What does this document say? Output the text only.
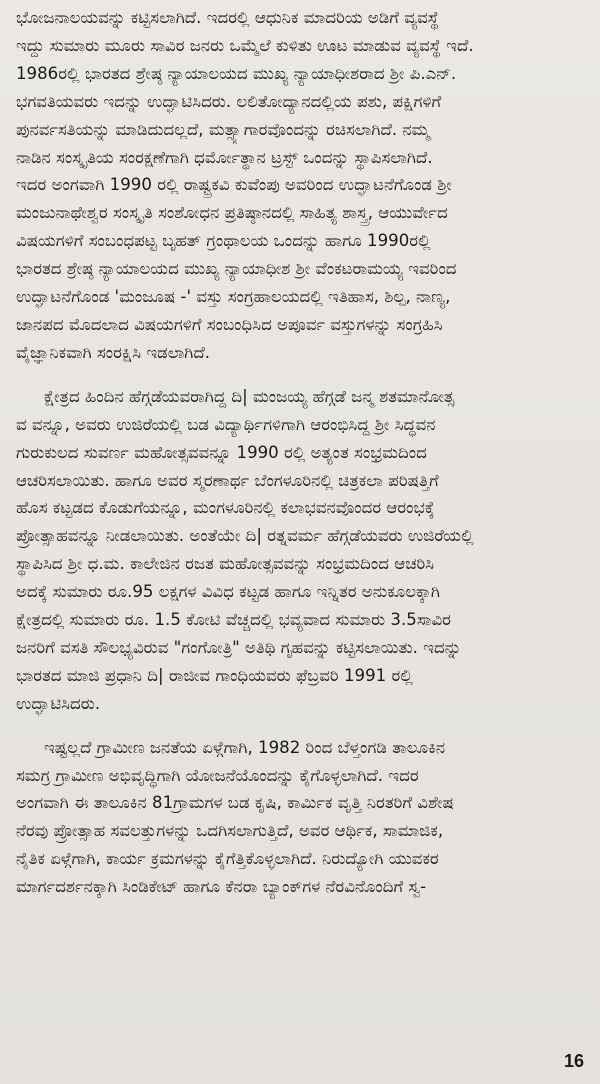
ಭೋಜನಾಲಯವನ್ನು ಕಟ್ಟಿಸಲಾಗಿದೆ. ಇದರಲ್ಲಿ ಆಧುನಿಕ ಮಾದರಿಯ ಅಡಿಗೆ ವ್ಯವಸ್ಥೆ
ಇದ್ದು ಸುಮಾರು ಮೂರು ಸಾವಿರ ಜನರು ಒಮ್ಮೆಲೆ ಕುಳಿತು ಊಟ ಮಾಡುವ ವ್ಯವಸ್ಥೆ ಇದೆ.
1986ರಲ್ಲಿ ಭಾರತದ ಶ್ರೇಷ್ಠ ನ್ಯಾಯಾಲಯದ ಮುಖ್ಯ ನ್ಯಾಯಾಧೀಶರಾದ ಶ್ರೀ ಪಿ.ಎನ್.
ಭಗವತಿಯವರು ಇದನ್ನು ಉದ್ಘಾಟಿಸಿದರು. ಲಲಿತೋದ್ಯಾನದಲ್ಲಿಯ ಪಶು, ಪಕ್ಷಿಗಳಿಗೆ
ಪುನರ್ವಸತಿಯನ್ನು ಮಾಡಿದುದಲ್ಲದೆ, ಮತ್ಸ್ಯಾಗಾರವೊಂದನ್ನು ರಚಿಸಲಾಗಿದೆ. ನಮ್ಮ
ನಾಡಿನ ಸಂಸ್ಕೃತಿಯ ಸಂರಕ್ಷಣೆಗಾಗಿ ಧರ್ಮೋತ್ಥಾನ ಟ್ರಸ್ಟ್ ಒಂದನ್ನು ಸ್ಥಾಪಿಸಲಾಗಿದೆ.
ಇದರ ಅಂಗವಾಗಿ 1990 ರಲ್ಲಿ ರಾಷ್ಟ್ರಕವಿ ಕುವೆಂಪು ಅವರಿಂದ ಉದ್ಘಾಟನೆಗೊಂಡ ಶ್ರೀ
ಮಂಜುನಾಥೇಶ್ವರ ಸಂಸ್ಕೃತಿ ಸಂಶೋಧನ ಪ್ರತಿಷ್ಠಾನದಲ್ಲಿ ಸಾಹಿತ್ಯ ಶಾಸ್ತ್ರ, ಆಯುರ್ವೇದ
ವಿಷಯಗಳಿಗೆ ಸಂಬಂಧಪಟ್ಟ ಬೃಹತ್ ಗ್ರಂಥಾಲಯ ಒಂದನ್ನು ಹಾಗೂ 1990ರಲ್ಲಿ
ಭಾರತದ ಶ್ರೇಷ್ಠ ನ್ಯಾಯಾಲಯದ ಮುಖ್ಯ ನ್ಯಾಯಾಧೀಶ ಶ್ರೀ ವೆಂಕಟರಾಮಯ್ಯ ಇವರಿಂದ
ಉದ್ಘಾಟನೆಗೊಂಡ 'ಮಂಜೂಷ -' ವಸ್ತು ಸಂಗ್ರಹಾಲಯದಲ್ಲಿ ಇತಿಹಾಸ, ಶಿಲ್ಪ, ನಾಣ್ಯ,
ಜಾನಪದ ಮೊದಲಾದ ವಿಷಯಗಳಿಗೆ ಸಂಬಂಧಿಸಿದ ಅಪೂರ್ವ ವಸ್ತುಗಳನ್ನು ಸಂಗ್ರಹಿಸಿ
ವೈಜ್ಞಾನಿಕವಾಗಿ ಸಂರಕ್ಷಿಸಿ ಇಡಲಾಗಿದೆ.
ಕ್ಷೇತ್ರದ ಹಿಂದಿನ ಹೆಗ್ಗಡೆಯವರಾಗಿದ್ದ ದಿ| ಮಂಜಯ್ಯ ಹೆಗ್ಗಡೆ ಜನ್ಮ ಶತಮಾನೋತ್ಸ
ವ ವನ್ನೂ, ಅವರು ಉಜಿರೆಯಲ್ಲಿ ಬಡ ವಿದ್ಯಾರ್ಥಿಗಳಿಗಾಗಿ ಆರಂಭಿಸಿದ್ದ ಶ್ರೀ ಸಿದ್ಧವನ
ಗುರುಕುಲದ ಸುವರ್ಣ ಮಹೋತ್ಸವವನ್ನೂ 1990 ರಲ್ಲಿ ಅತ್ಯಂತ ಸಂಭ್ರಮದಿಂದ
ಆಚರಿಸಲಾಯಿತು. ಹಾಗೂ ಅವರ ಸ್ಮರಣಾರ್ಥ ಬೆಂಗಳೂರಿನಲ್ಲಿ ಚಿತ್ರಕಲಾ ಪರಿಷತ್ತಿಗೆ
ಹೊಸ ಕಟ್ಟಡದ ಕೊಡುಗೆಯನ್ನೂ, ಮಂಗಳೂರಿನಲ್ಲಿ ಕಲಾಭವನವೊಂದರ ಆರಂಭಕ್ಕೆ
ಪ್ರೋತ್ಸಾಹವನ್ನೂ ನೀಡಲಾಯಿತು. ಅಂತೆಯೇ ದಿ| ರತ್ನವರ್ಮ ಹೆಗ್ಗಡೆಯವರು ಉಜಿರೆಯಲ್ಲಿ
ಸ್ಥಾಪಿಸಿದ ಶ್ರೀ ಧ.ಮ. ಕಾಲೇಜಿನ ರಜತ ಮಹೋತ್ಸವವನ್ನು ಸಂಭ್ರಮದಿಂದ ಆಚರಿಸಿ
ಅದಕ್ಕೆ ಸುಮಾರು ರೂ.95 ಲಕ್ಷಗಳ ವಿವಿಧ ಕಟ್ಟಡ ಹಾಗೂ ಇನ್ನಿತರ ಅನುಕೂಲಕ್ಕಾಗಿ
ಕ್ಷೇತ್ರದಲ್ಲಿ ಸುಮಾರು ರೂ. 1.5 ಕೋಟಿ ವೆಚ್ಚದಲ್ಲಿ ಭವ್ಯವಾದ ಸುಮಾರು 3.5ಸಾವಿರ
ಜನರಿಗೆ ವಸತಿ ಸೌಲಭ್ಯವಿರುವ "ಗಂಗೋತ್ರಿ" ಅತಿಥಿ ಗೃಹವನ್ನು ಕಟ್ಟಿಸಲಾಯಿತು. ಇದನ್ನು
ಭಾರತದ ಮಾಜಿ ಪ್ರಧಾನಿ ದಿ| ರಾಜೀವ ಗಾಂಧಿಯವರು ಫೆಬ್ರವರಿ 1991 ರಲ್ಲಿ
ಉದ್ಘಾಟಿಸಿದರು.
ಇಷ್ಟಲ್ಲದೆ ಗ್ರಾಮೀಣ ಜನತೆಯ ಏಳ್ಗೆಗಾಗಿ, 1982 ರಿಂದ ಬೆಳ್ತಂಗಡಿ ತಾಲೂಕಿನ
ಸಮಗ್ರ ಗ್ರಾಮೀಣ ಅಭಿವೃದ್ಧಿಗಾಗಿ ಯೋಜನೆಯೊಂದನ್ನು ಕೈಗೊಳ್ಳಲಾಗಿದೆ. ಇದರ
ಅಂಗವಾಗಿ ಈ ತಾಲೂಕಿನ 81ಗ್ರಾಮಗಳ ಬಡ ಕೃಷಿ, ಕಾರ್ಮಿಕ ವೃತ್ತಿ ನಿರತರಿಗೆ ವಿಶೇಷ
ನೆರವು ಪ್ರೋತ್ಸಾಹ ಸವಲತ್ತುಗಳನ್ನು ಒದಗಿಸಲಾಗುತ್ತಿದೆ, ಅವರ ಆರ್ಥಿಕ, ಸಾಮಾಜಿಕ,
ನೈತಿಕ ಏಳ್ಗೆಗಾಗಿ, ಕಾರ್ಯ ಕ್ರಮಗಳನ್ನು ಕೈಗೆತ್ತಿಕೊಳ್ಳಲಾಗಿದೆ. ನಿರುದ್ಯೋಗಿ ಯುವಕರ
ಮಾರ್ಗದರ್ಶನಕ್ಕಾಗಿ ಸಿಂಡಿಕೇಟ್ ಹಾಗೂ ಕೆನರಾ ಬ್ಯಾಂಕ್‌ಗಳ ನೆರವಿನೊಂದಿಗೆ ಸ್ವ-
16
